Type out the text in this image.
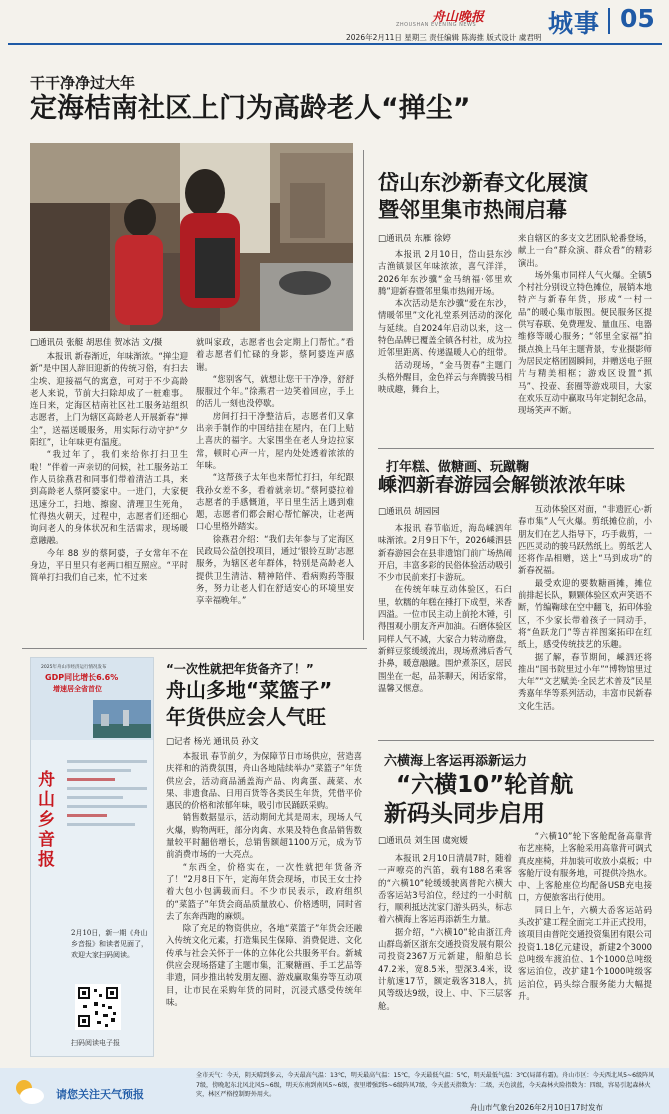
舟山晚报
ZHOUSHAN EVENING NEWS	城事 05
2026年2月11日 星期三 责任编辑 陈海推 版式设计 虞君明
干干净净过大年
定海桔南社区上门为高龄老人“掸尘”
□通讯员 张艇 胡思佳 贺冰洁 文/摄

本报讯 新春渐近，年味渐浓。“掸尘迎新”是中国人辞旧迎新的传统习俗，有扫去尘埃、迎接福气的寓意，可对于不少高龄老人来说，节前大扫除却成了一桩难事。连日来，定海区桔南社区社工服务站组织志愿者，上门为辖区高龄老人开展新春“掸尘”，送福送暖服务，用实际行动守护“夕阳红”，让年味更有温度。

“我过年了，我们来给你打扫卫生啦！”伴着一声亲切的问候，社工服务站工作人员徐燕君和同事们带着清洁工具，来到高龄老人蔡阿婆家中。一进门，大家便迅速分工，扫地、擦窗、清理卫生死角，忙得热火朝天，过程中，志愿者们还细心询问老人的身体状况和生活需求，现场暖意融融。

今年 88 岁的蔡阿婆，子女常年不在身边，平日里只有老两口相互照应。“平时简单打扫我们自己来，忙不过来

就叫家政，志愿者也会定期上门帮忙。”看着志愿者们忙碌的身影，蔡阿婆连声感谢。

“您别客气，就想让您干干净净，舒舒服服过个年。”徐燕君一边笑着回应，手上的活儿一刻也没停歇。

房间打扫干净整洁后，志愿者们又拿出亲手制作的中国结挂在屋内，在门上贴上喜庆的福字。大家围坐在老人身边拉家常，顿时心声一片，屋内处处透着浓浓的年味。

“这帮孩子太年也来帮忙打扫，年纪跟我孙女差不多，看着就亲切。”蔡阿婆拉着志愿者的手感慨道，平日里生活上遇到难题，志愿者们都会耐心帮忙解决，让老两口心里格外踏实。

徐燕君介绍：“我们去年参与了定海区民政局公益创投项目，通过‘银铃互助’志愿服务，为辖区老年群体，特别是高龄老人提供卫生清洁、精神陪伴、看病购药等服务，努力让老人们在舒适安心的环境里安享幸福晚年。”

岱山东沙新春文化展演
暨邻里集市热闹启幕
□通讯员 东雁 徐婷

本报讯 2月10日，岱山县东沙古渔镇景区年味浓浓，喜气洋洋，2026年东沙骥“金马纳福·邻里欢腾”迎新春暨邻里集市热闹开场。

本次活动是东沙骥“爱在东沙，情暖邻里”文化礼堂系列活动的深化与延续。自2024年启动以来，这一特色品牌已覆盖全镇各村社，成为拉近邻里距离、传递温暖人心的纽带。

活动现场，“金马贺春”主题门头格外醒目，金色祥云与奔腾骏马相映成趣，舞台上，

来自辖区的多支文艺团队轮番登场，献上一台“群众演、群众看”的精彩演出。

场外集市同样人气火爆。全镇5个村社分别设立特色摊位，展销本地特产与新春年货，形成“一村一品”的暖心集市版图。便民服务区提供写春联、免费理发、量血压、电器维修等暖心服务；“邻里全家福”拍摄点换上马年主题背景，专业摄影师为居民定格团圆瞬间，并赠送电子照片与精美相框；游戏区设置“抓马”、投壶、套圈等游戏项目，大家在欢乐互动中赢取马年定制纪念品，现场笑声不断。

打年糕、做糖画、玩蹴鞠
嵊泗新春游园会解锁浓浓年味
□通讯员 胡园园

本报讯 春节临近，海岛嵊泗年味渐浓。2月9日下午，2026嵊泗县新春游园会在县非遗馆门前广场热闹开启，丰富多彩的民俗体验活动吸引不少市民前来打卡游玩。

在传统年味互动体验区，石臼里，软糯的年糕在捶打下成型，米香四溢。一位市民主动上前抡木锤，引得围观小朋友齐声加油。石磨体验区同样人气不减，大家合力转动磨盘，新鲜豆浆缓缓流出，现场煮沸后香气扑鼻，暖意融融。围炉煮茶区，居民围坐在一起，品茶聊天，闲话家常，温馨又惬意。

互动体验区对面，“非遗匠心·新春市集”人气火爆。剪纸摊位前，小朋友们在艺人指导下，巧手裁剪，一匹匹灵动的骏马跃然纸上。剪纸艺人还将作品相赠，送上“马到成功”的新春祝福。

最受欢迎的要数糖画摊，摊位前排起长队，颗颗体验区欢声笑语不断，竹编鞠球在空中翻飞，拓印体验区，不少家长带着孩子一同动手，将“鱼跃龙门”等吉祥图案拓印在红纸上，感受传统技艺的乐趣。

据了解，春节期间，嵊泗还将推出“国书院里过小年”“博物馆里过大年”“文艺赋美·全民艺术普及”民星秀嘉年华等系列活动，丰富市民新春文化生活。

2025年舟山市经济运行情况发布
GDP同比增长6.6%
增速居全省首位
舟山乡音报
2月10日，新一期《舟山乡音报》和读者见面了，欢迎大家扫码阅读。
扫码阅读电子报
“一次性就把年货备齐了！”
舟山多地“菜篮子”
年货供应会人气旺
□记者 杨光 通讯员 孙文

本报讯 春节前夕，为保障节日市场供应，营造喜庆祥和的消费氛围，舟山各地陆续举办“菜篮子”年货供应会，活动商品涵盖海产品、肉禽蛋、蔬菜、水果、非遗食品、日用百货等各类民生年货，凭借平价惠民的价格和浓郁年味，吸引市民踊跃采购。

销售数据显示，活动期间尤其是周末，现场人气火爆，购物两旺，部分肉禽、水果及特色食品销售数量较平时翻倍增长，总销售额超1100万元，成为节前消费市场的一大亮点。

“东西全，价格实在，一次性就把年货备齐了！”2月8日下午，定海年货会现场，市民王女士拎着大包小包满载而归。不少市民表示，政府组织的“菜篮子”年货会商品质量放心、价格透明，同时省去了东奔西跑的麻烦。

除了充足的物资供应，各地“菜篮子”年货会还融入传统文化元素，打造集民生保障、消费促进、文化传承与社会关怀于一体的立体化公共服务平台。新城供应会现场搭建了主题市集，汇聚糖画、手工艺品等非遗，同步推出转发朋友圈、游戏赢取集券等互动项目，让市民在采购年货的同时，沉浸式感受传统年味。

六横海上客运再添新运力
“六横10”轮首航
新码头同步启用
□通讯员 刘生国 虞宛嫒

本报讯 2月10日清晨7时，随着一声嘹亮的汽笛，载有188名乘客的“六横10”轮缓缓驶离普陀六横大岙客运站3号泊位，经过约一小时航行，顺利抵达沈家门游头码头，标志着六横海上客运再添新生力量。

据介绍，“六横10”轮由浙江舟山群岛新区浙东交通投资发展有限公司投资2367万元新建，船舶总长47.2米，宽8.5米，型深3.4米，设计航速17节，额定载客318人，抗风等级达9级，设上、中、下三层客舱。

“六横10”轮下客舱配备高靠背布艺座椅，上客舱采用高靠背可调式真皮座椅，并加装可收放小桌板；中客舱厅设有服务地，可提供冷热水。中、上客舱座位均配备USB充电接口，方便旅客出行使用。

同日上午，六横大岙客运站码头改扩建工程全面完工并正式投用，该项目由普陀交通投资集团有限公司投资1.18亿元建设，新建2个3000总吨级车渡泊位、1个1000总吨级客运泊位，改扩建1个1000吨级客运泊位，码头综合服务能力大幅提升。

请您关注天气预报
全市天气：今天，阴天晴到多云，今天最高气温：13℃，明天最高气温：15℃，今天最低气温：5℃，明天最低气温：3℃(局部有霜)。舟山市区：今天西北风5~6级阵风7级，傍晚起东北风北风5~6级，明天东南到南风5~6级，夜里增强到5~6级阵风7级，今天蓝天指数为：二级，天色淡蓝，今天森林火险指数为：四级，容易引起森林火灾，林区严格控制野外用火。
舟山市气象台2026年2月10日17时发布
